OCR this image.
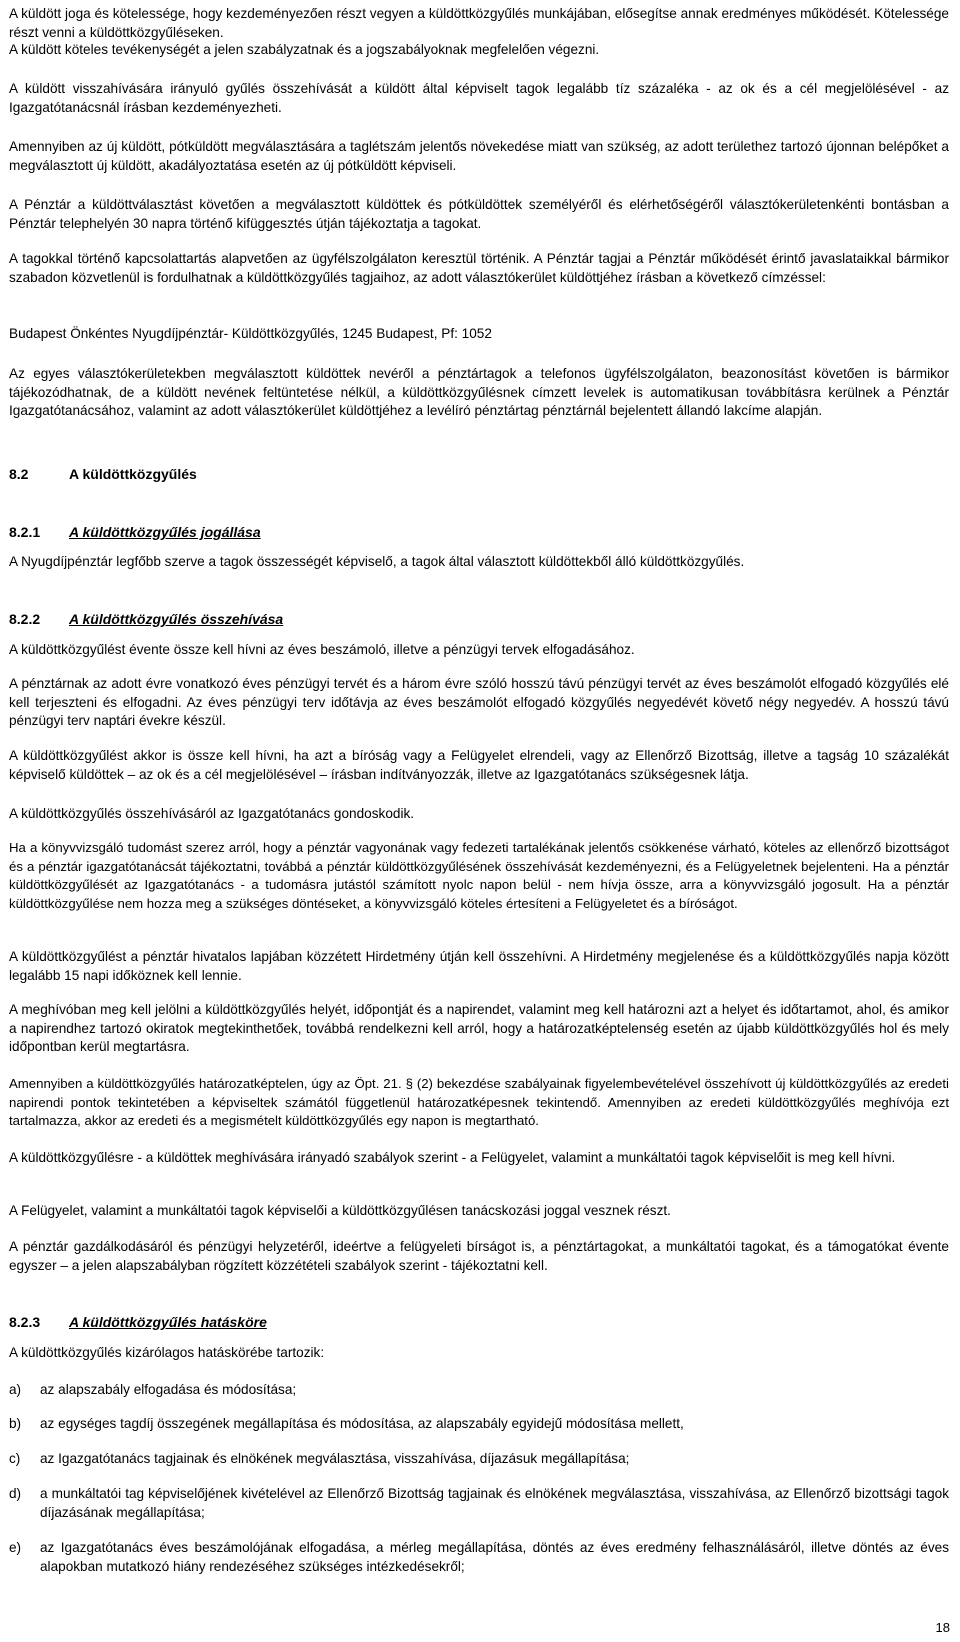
A küldött joga és kötelessége, hogy kezdeményezően részt vegyen a küldöttközgyűlés munkájában, elősegítse annak eredményes működését. Kötelessége részt venni a küldöttközgyűléseken.

A küldött köteles tevékenységét a jelen szabályzatnak és a jogszabályoknak megfelelően végezni.

A küldött visszahívására irányuló gyűlés összehívását a küldött által képviselt tagok legalább tíz százaléka - az ok és a cél megjelölésével - az Igazgatótanácsnál írásban kezdeményezheti.

Amennyiben az új küldött, pótküldött megválasztására a taglétszám jelentős növekedése miatt van szükség, az adott területhez tartozó újonnan belépőket a megválasztott új küldött, akadályoztatása esetén az új pótküldött képviseli.

A Pénztár a küldöttválasztást követően a megválasztott küldöttek és pótküldöttek személyéről és elérhetőségéről választókerületenkénti bontásban a Pénztár telephelyén 30 napra történő kifüggesztés útján tájékoztatja a tagokat.

A tagokkal történő kapcsolattartás alapvetően az ügyfélszolgálaton keresztül történik. A Pénztár tagjai a Pénztár működését érintő javaslataikkal bármikor szabadon közvetlenül is fordulhatnak a küldöttközgyűlés tagjaihoz, az adott választókerület küldöttjéhez írásban a következő címzéssel:

Budapest Önkéntes Nyugdíjpénztár- Küldöttközgyűlés, 1245 Budapest, Pf: 1052

Az egyes választókerületekben megválasztott küldöttek nevéről a pénztártagok a telefonos ügyfélszolgálaton, beazonosítást követően is bármikor tájékozódhatnak, de a küldött nevének feltüntetése nélkül, a küldöttközgyűlésnek címzett levelek is automatikusan továbbításra kerülnek a Pénztár Igazgatótanácsához, valamint az adott választókerület küldöttjéhez a levélíró pénztártag pénztárnál bejelentett állandó lakcíme alapján.

8.2	A küldöttközgyűlés
8.2.1 A küldöttközgyűlés jogállása

A Nyugdíjpénztár legfőbb szerve a tagok összességét képviselő, a tagok által választott küldöttekből álló küldöttközgyűlés.

8.2.2 A küldöttközgyűlés összehívása

A küldöttközgyűlést évente össze kell hívni az éves beszámoló, illetve a pénzügyi tervek elfogadásához.

A pénztárnak az adott évre vonatkozó éves pénzügyi tervét és a három évre szóló hosszú távú pénzügyi tervét az éves beszámolót elfogadó közgyűlés elé kell terjeszteni és elfogadni. Az éves pénzügyi terv időtávja az éves beszámolót elfogadó közgyűlés negyedévét követő négy negyedév. A hosszú távú pénzügyi terv naptári évekre készül.

A küldöttközgyűlést akkor is össze kell hívni, ha azt a bíróság vagy a Felügyelet elrendeli, vagy az Ellenőrző Bizottság, illetve a tagság 10 százalékát képviselő küldöttek – az ok és a cél megjelölésével – írásban indítványozzák, illetve az Igazgatótanács szükségesnek látja.

A küldöttközgyűlés összehívásáról az Igazgatótanács gondoskodik.

Ha a könyvvizsgáló tudomást szerez arról, hogy a pénztár vagyonának vagy fedezeti tartalékának jelentős csökkenése várható, köteles az ellenőrző bizottságot és a pénztár igazgatótanácsát tájékoztatni, továbbá a pénztár küldöttközgyűlésének összehívását kezdeményezni, és a Felügyeletnek bejelenteni. Ha a pénztár küldöttközgyűlését az Igazgatótanács - a tudomásra jutástól számított nyolc napon belül - nem hívja össze, arra a könyvvizsgáló jogosult. Ha a pénztár küldöttközgyűlése nem hozza meg a szükséges döntéseket, a könyvvizsgáló köteles értesíteni a Felügyeletet és a bíróságot.

A küldöttközgyűlést a pénztár hivatalos lapjában közzétett Hirdetmény útján kell összehívni. A Hirdetmény megjelenése és a küldöttközgyűlés napja között legalább 15 napi időköznek kell lennie.

A meghívóban meg kell jelölni a küldöttközgyűlés helyét, időpontját és a napirendet, valamint meg kell határozni azt a helyet és időtartamot, ahol, és amikor a napirendhez tartozó okiratok megtekinthetőek, továbbá rendelkezni kell arról, hogy a határozatképtelenség esetén az újabb küldöttközgyűlés hol és mely időpontban kerül megtartásra.

Amennyiben a küldöttközgyűlés határozatképtelen, úgy az Öpt. 21. § (2) bekezdése szabályainak figyelembevételével összehívott új küldöttközgyűlés az eredeti napirendi pontok tekintetében a képviseltek számától függetlenül határozatképesnek tekintendő. Amennyiben az eredeti küldöttközgyűlés meghívója ezt tartalmazza, akkor az eredeti és a megismételt küldöttközgyűlés egy napon is megtartható.

A küldöttközgyűlésre - a küldöttek meghívására irányadó szabályok szerint - a Felügyelet, valamint a munkáltatói tagok képviselőit is meg kell hívni.

A Felügyelet, valamint a munkáltatói tagok képviselői a küldöttközgyűlésen tanácskozási joggal vesznek részt.

A pénztár gazdálkodásáról és pénzügyi helyzetéről, ideértve a felügyeleti bírságot is, a pénztártagokat, a munkáltatói tagokat, és a támogatókat évente egyszer – a jelen alapszabályban rögzített közzétételi szabályok szerint - tájékoztatni kell.

8.2.3 A küldöttközgyűlés hatásköre

A küldöttközgyűlés kizárólagos hatáskörébe tartozik:

a)	az alapszabály elfogadása és módosítása;
b)	az egységes tagdíj összegének megállapítása és módosítása, az alapszabály egyidejű módosítása mellett,
c)	az Igazgatótanács tagjainak és elnökének megválasztása, visszahívása, díjazásuk megállapítása;
d)	a munkáltatói tag képviselőjének kivételével az Ellenőrző Bizottság tagjainak és elnökének megválasztása, visszahívása, az Ellenőrző bizottsági tagok díjazásának megállapítása;
e)	az Igazgatótanács éves beszámolójának elfogadása, a mérleg megállapítása, döntés az éves eredmény felhasználásáról, illetve döntés az éves alapokban mutatkozó hiány rendezéséhez szükséges intézkedésekről;
18
